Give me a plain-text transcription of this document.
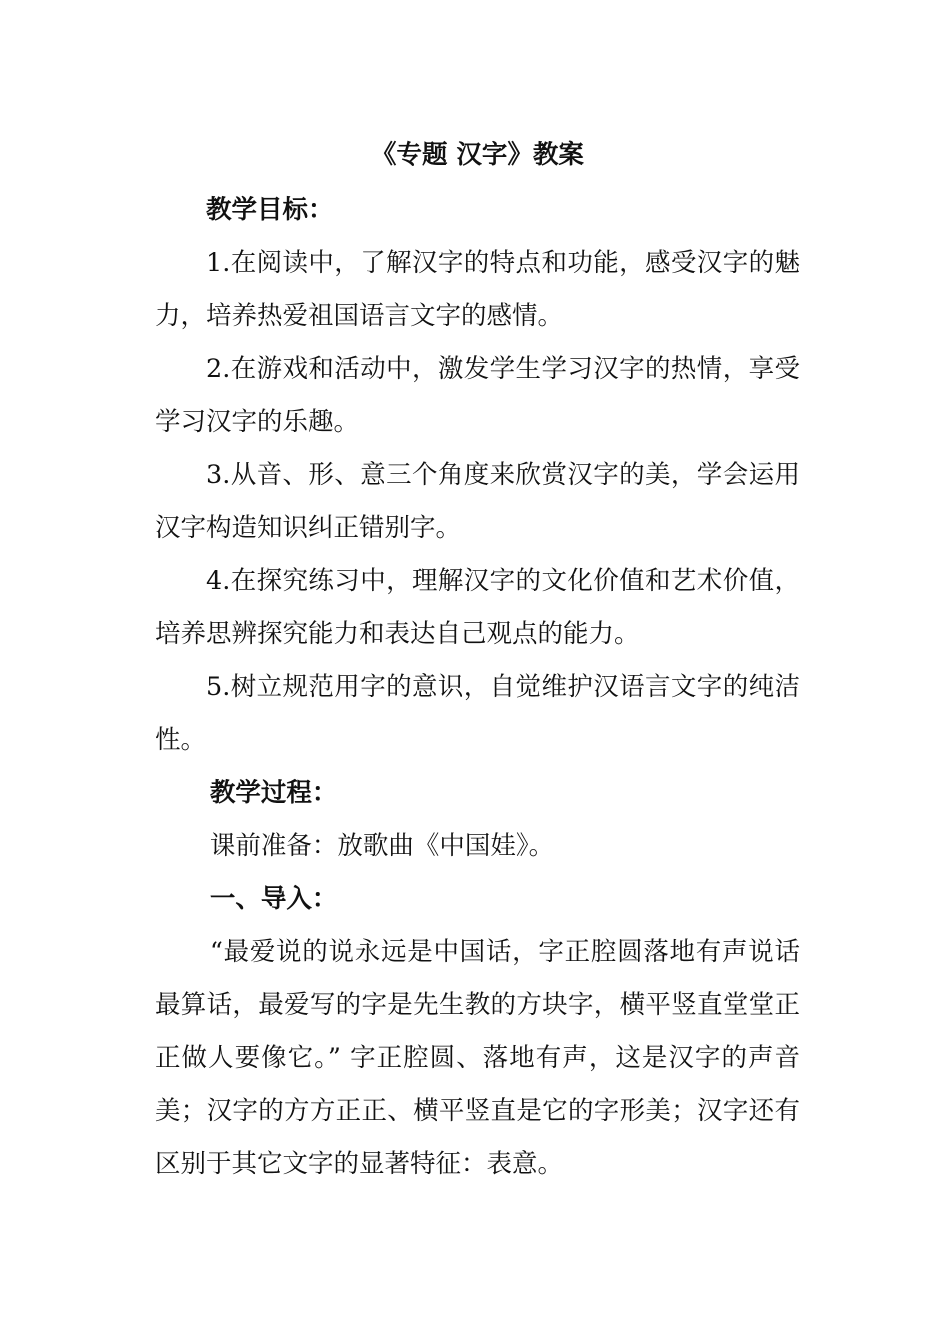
《专题 汉字》教案

教学目标：

1.在阅读中，了解汉字的特点和功能，感受汉字的魅力，培养热爱祖国语言文字的感情。

2.在游戏和活动中，激发学生学习汉字的热情，享受学习汉字的乐趣。

3.从音、形、意三个角度来欣赏汉字的美，学会运用汉字构造知识纠正错别字。

4.在探究练习中，理解汉字的文化价值和艺术价值，培养思辨探究能力和表达自己观点的能力。

5.树立规范用字的意识，自觉维护汉语言文字的纯洁性。

教学过程：

课前准备：放歌曲《中国娃》。

一、导入：

“最爱说的说永远是中国话，字正腔圆落地有声说话最算话，最爱写的字是先生教的方块字，横平竖直堂堂正正做人要像它。” 字正腔圆、落地有声，这是汉字的声音美；汉字的方方正正、横平竖直是它的字形美；汉字还有区别于其它文字的显著特征：表意。
